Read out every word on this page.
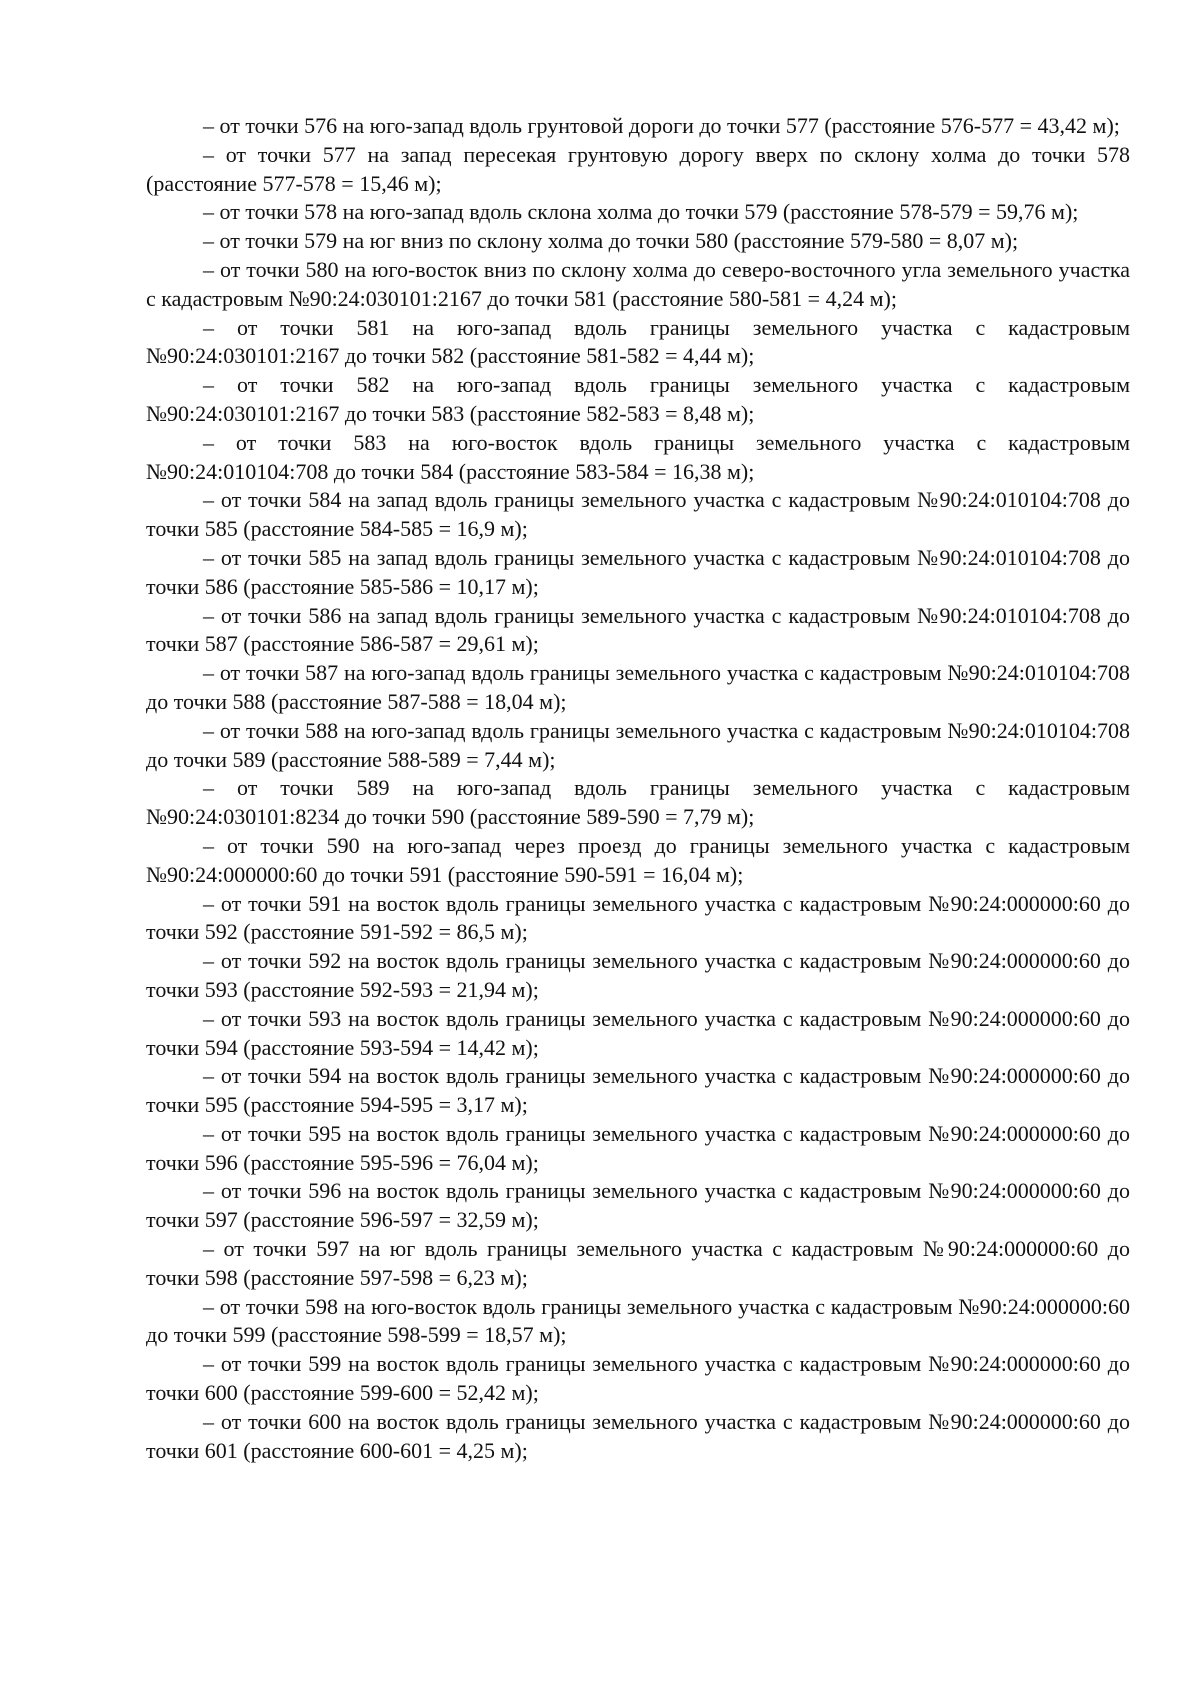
– от точки 576 на юго-запад вдоль грунтовой дороги до точки 577 (расстояние 576-577 = 43,42 м);

– от точки 577 на запад пересекая грунтовую дорогу вверх по склону холма до точки 578 (расстояние 577-578 = 15,46 м);

– от точки 578 на юго-запад вдоль склона холма до точки 579 (расстояние 578-579 = 59,76 м);

– от точки 579 на юг вниз по склону холма до точки 580 (расстояние 579-580 = 8,07 м);

– от точки 580 на юго-восток вниз по склону холма до северо-восточного угла земельного участка с кадастровым №90:24:030101:2167 до точки 581 (расстояние 580-581 = 4,24 м);

– от точки 581 на юго-запад вдоль границы земельного участка с кадастровым №90:24:030101:2167 до точки 582 (расстояние 581-582 = 4,44 м);

– от точки 582 на юго-запад вдоль границы земельного участка с кадастровым №90:24:030101:2167 до точки 583 (расстояние 582-583 = 8,48 м);

– от точки 583 на юго-восток вдоль границы земельного участка с кадастровым №90:24:010104:708 до точки 584 (расстояние 583-584 = 16,38 м);

– от точки 584 на запад вдоль границы земельного участка с кадастровым №90:24:010104:708 до точки 585 (расстояние 584-585 = 16,9 м);

– от точки 585 на запад вдоль границы земельного участка с кадастровым №90:24:010104:708 до точки 586 (расстояние 585-586 = 10,17 м);

– от точки 586 на запад вдоль границы земельного участка с кадастровым №90:24:010104:708 до точки 587 (расстояние 586-587 = 29,61 м);

– от точки 587 на юго-запад вдоль границы земельного участка с кадастровым №90:24:010104:708 до точки 588 (расстояние 587-588 = 18,04 м);

– от точки 588 на юго-запад вдоль границы земельного участка с кадастровым №90:24:010104:708 до точки 589 (расстояние 588-589 = 7,44 м);

– от точки 589 на юго-запад вдоль границы земельного участка с кадастровым №90:24:030101:8234 до точки 590 (расстояние 589-590 = 7,79 м);

– от точки 590 на юго-запад через проезд до границы земельного участка с кадастровым №90:24:000000:60 до точки 591 (расстояние 590-591 = 16,04 м);

– от точки 591 на восток вдоль границы земельного участка с кадастровым №90:24:000000:60 до точки 592 (расстояние 591-592 = 86,5 м);

– от точки 592 на восток вдоль границы земельного участка с кадастровым №90:24:000000:60 до точки 593 (расстояние 592-593 = 21,94 м);

– от точки 593 на восток вдоль границы земельного участка с кадастровым №90:24:000000:60 до точки 594 (расстояние 593-594 = 14,42 м);

– от точки 594 на восток вдоль границы земельного участка с кадастровым №90:24:000000:60 до точки 595 (расстояние 594-595 = 3,17 м);

– от точки 595 на восток вдоль границы земельного участка с кадастровым №90:24:000000:60 до точки 596 (расстояние 595-596 = 76,04 м);

– от точки 596 на восток вдоль границы земельного участка с кадастровым №90:24:000000:60 до точки 597 (расстояние 596-597 = 32,59 м);

– от точки 597 на юг вдоль границы земельного участка с кадастровым №90:24:000000:60 до точки 598 (расстояние 597-598 = 6,23 м);

– от точки 598 на юго-восток вдоль границы земельного участка с кадастровым №90:24:000000:60 до точки 599 (расстояние 598-599 = 18,57 м);

– от точки 599 на восток вдоль границы земельного участка с кадастровым №90:24:000000:60 до точки 600 (расстояние 599-600 = 52,42 м);

– от точки 600 на восток вдоль границы земельного участка с кадастровым №90:24:000000:60 до точки 601 (расстояние 600-601 = 4,25 м);
